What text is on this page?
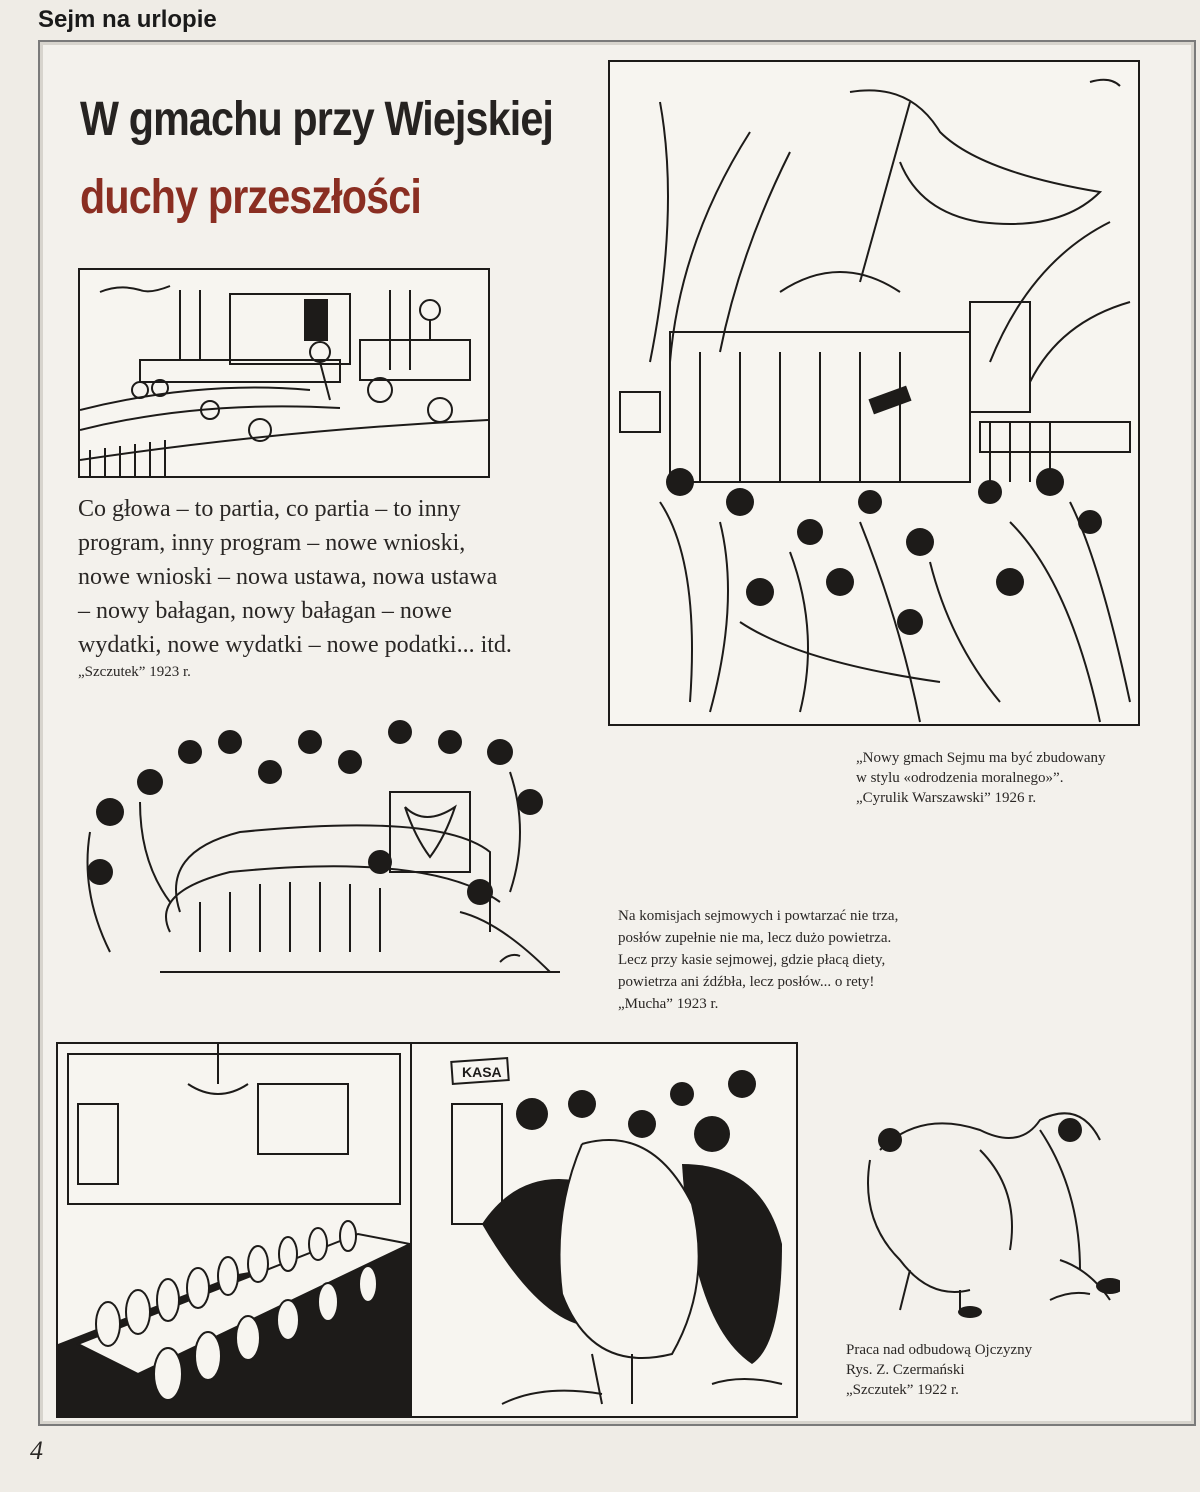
Sejm na urlopie
W gmachu przy Wiejskiej
duchy przeszłości
Co głowa – to partia, co partia – to inny
program, inny program – nowe wnioski,
nowe wnioski – nowa ustawa, nowa ustawa
– nowy bałagan, nowy bałagan – nowe
wydatki, nowe wydatki – nowe podatki... itd.
„Szczutek” 1923 r.
„Nowy gmach Sejmu ma być zbudowany
w stylu «odrodzenia moralnego»”.
„Cyrulik Warszawski” 1926 r.
Na komisjach sejmowych i powtarzać nie trza,
posłów zupełnie nie ma, lecz dużo powietrza.
Lecz przy kasie sejmowej, gdzie płacą diety,
powietrza ani źdźbła, lecz posłów... o rety!
„Mucha” 1923 r.
KASA
Praca nad odbudową Ojczyzny
Rys. Z. Czermański
„Szczutek” 1922 r.
4
